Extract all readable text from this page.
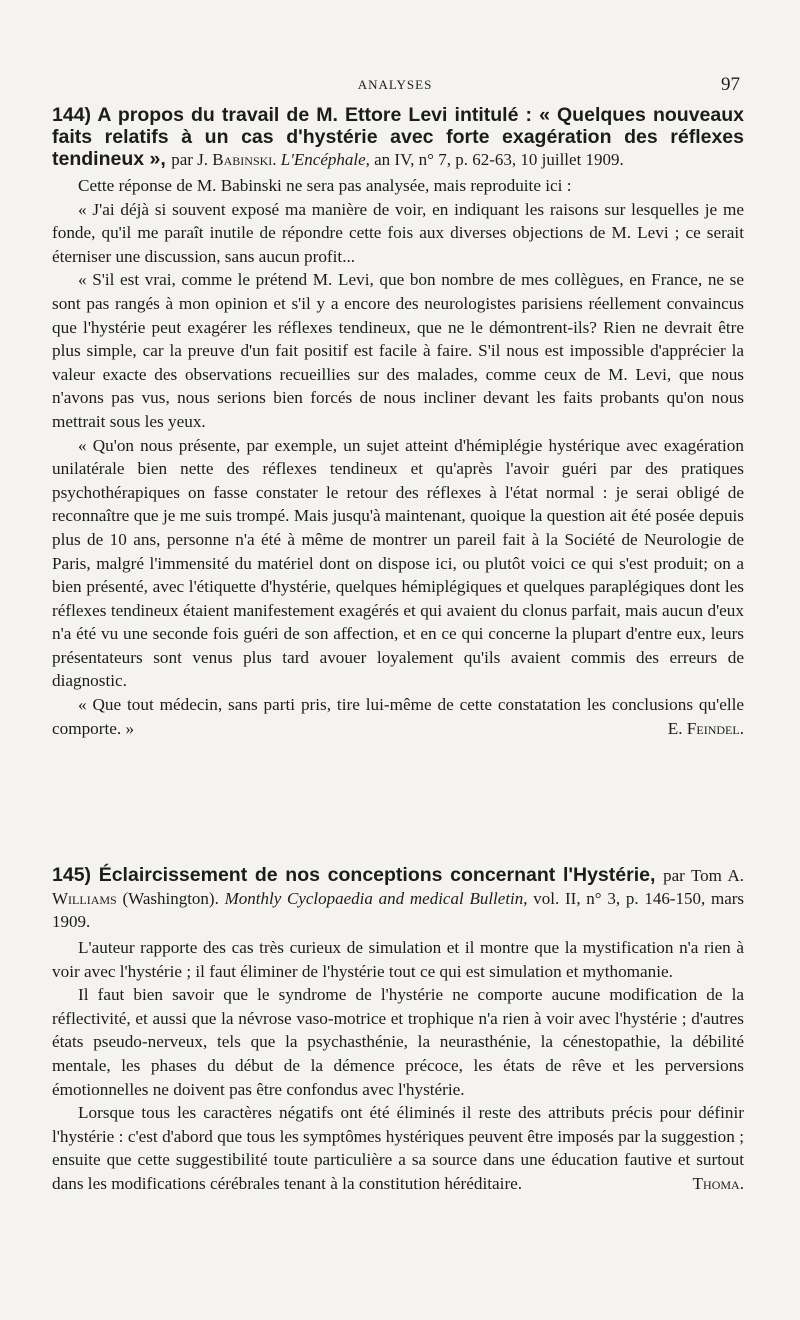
ANALYSES	97
144) A propos du travail de M. Ettore Levi intitulé : « Quelques nouveaux faits relatifs à un cas d'hystérie avec forte exagération des réflexes tendineux », par J. Babinski. L'Encéphale, an IV, n° 7, p. 62-63, 10 juillet 1909.

Cette réponse de M. Babinski ne sera pas analysée, mais reproduite ici :

« J'ai déjà si souvent exposé ma manière de voir, en indiquant les raisons sur lesquelles je me fonde, qu'il me paraît inutile de répondre cette fois aux diverses objections de M. Levi ; ce serait éterniser une discussion, sans aucun profit...

« S'il est vrai, comme le prétend M. Levi, que bon nombre de mes collègues, en France, ne se sont pas rangés à mon opinion et s'il y a encore des neurologistes parisiens réellement convaincus que l'hystérie peut exagérer les réflexes tendineux, que ne le démontrent-ils? Rien ne devrait être plus simple, car la preuve d'un fait positif est facile à faire. S'il nous est impossible d'apprécier la valeur exacte des observations recueillies sur des malades, comme ceux de M. Levi, que nous n'avons pas vus, nous serions bien forcés de nous incliner devant les faits probants qu'on nous mettrait sous les yeux.

« Qu'on nous présente, par exemple, un sujet atteint d'hémiplégie hystérique avec exagération unilatérale bien nette des réflexes tendineux et qu'après l'avoir guéri par des pratiques psychothérapiques on fasse constater le retour des réflexes à l'état normal : je serai obligé de reconnaître que je me suis trompé. Mais jusqu'à maintenant, quoique la question ait été posée depuis plus de 10 ans, personne n'a été à même de montrer un pareil fait à la Société de Neurologie de Paris, malgré l'immensité du matériel dont on dispose ici, ou plutôt voici ce qui s'est produit; on a bien présenté, avec l'étiquette d'hystérie, quelques hémiplégiques et quelques paraplégiques dont les réflexes tendineux étaient manifestement exagérés et qui avaient du clonus parfait, mais aucun d'eux n'a été vu une seconde fois guéri de son affection, et en ce qui concerne la plupart d'entre eux, leurs présentateurs sont venus plus tard avouer loyalement qu'ils avaient commis des erreurs de diagnostic.

« Que tout médecin, sans parti pris, tire lui-même de cette constatation les conclusions qu'elle comporte. »	E. Feindel.

145) Éclaircissement de nos conceptions concernant l'Hystérie, par Tom A. Williams (Washington). Monthly Cyclopaedia and medical Bulletin, vol. II, n° 3, p. 146-150, mars 1909.

L'auteur rapporte des cas très curieux de simulation et il montre que la mystification n'a rien à voir avec l'hystérie ; il faut éliminer de l'hystérie tout ce qui est simulation et mythomanie.

Il faut bien savoir que le syndrome de l'hystérie ne comporte aucune modification de la réflectivité, et aussi que la névrose vaso-motrice et trophique n'a rien à voir avec l'hystérie ; d'autres états pseudo-nerveux, tels que la psychasthénie, la neurasthénie, la cénestopathie, la débilité mentale, les phases du début de la démence précoce, les états de rêve et les perversions émotionnelles ne doivent pas être confondus avec l'hystérie.

Lorsque tous les caractères négatifs ont été éliminés il reste des attributs précis pour définir l'hystérie : c'est d'abord que tous les symptômes hystériques peuvent être imposés par la suggestion ; ensuite que cette suggestibilité toute particulière a sa source dans une éducation fautive et surtout dans les modifications cérébrales tenant à la constitution héréditaire.	Thoma.
